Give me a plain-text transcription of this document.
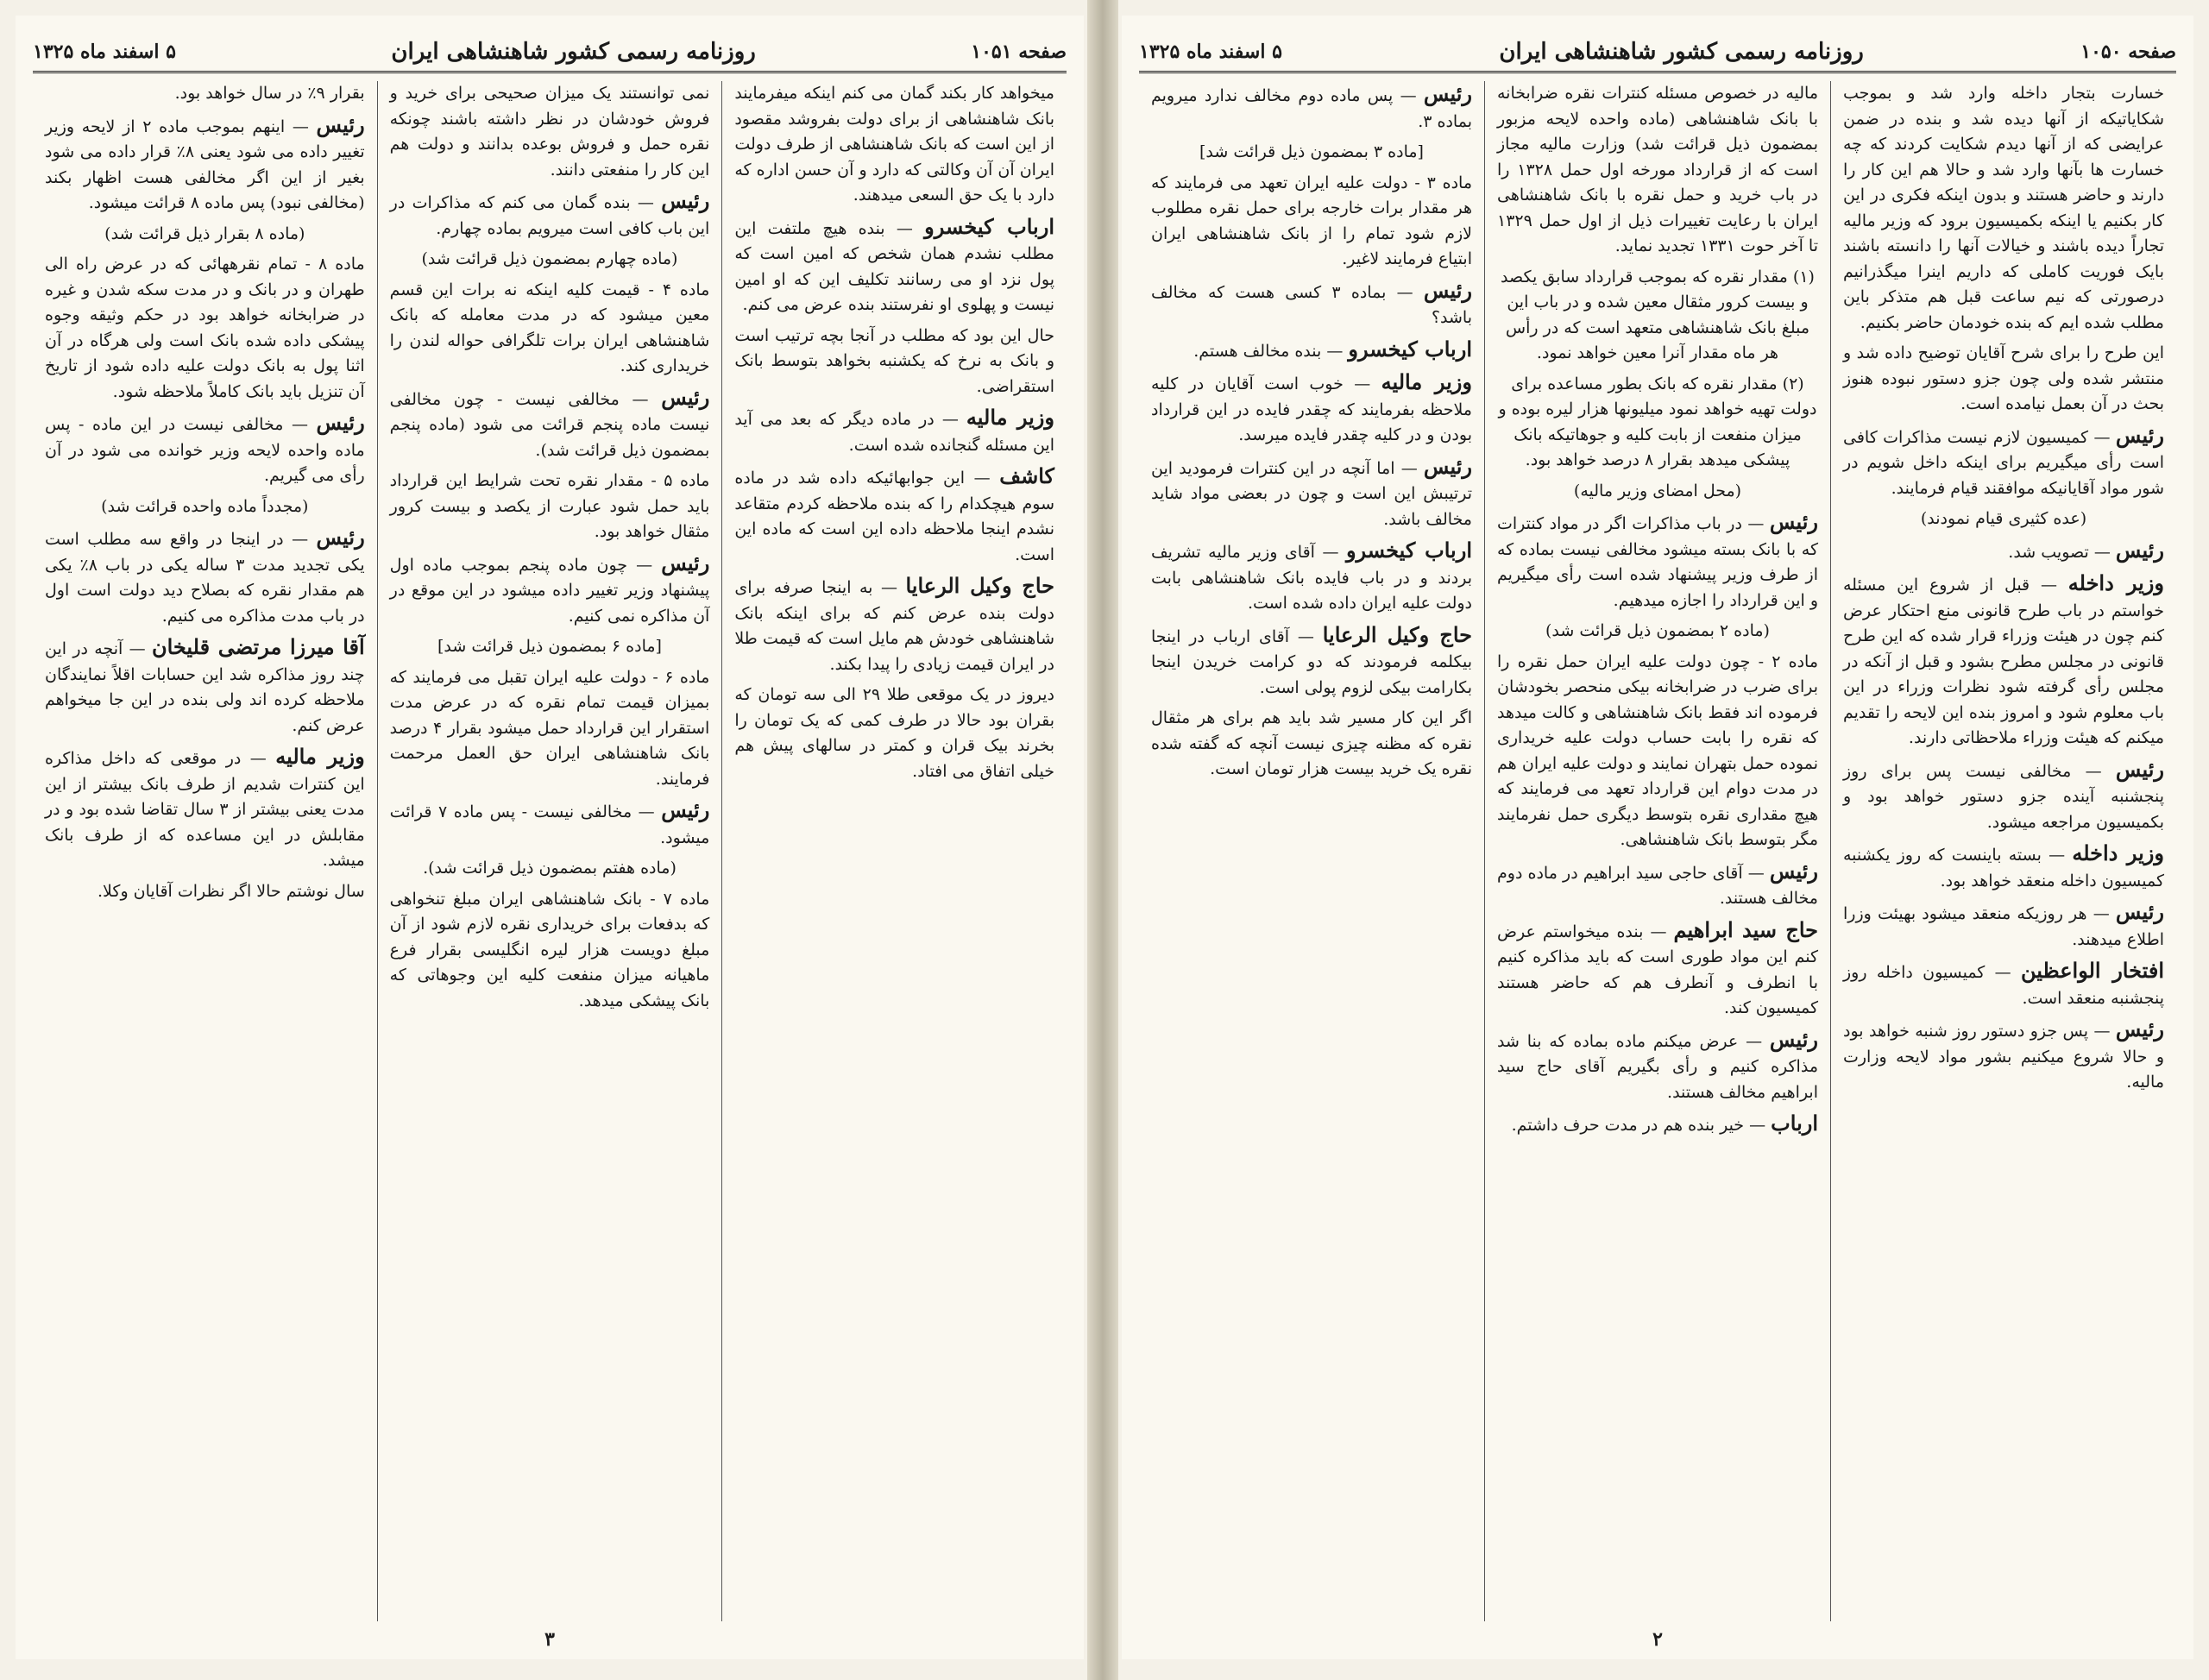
صفحه ۱۰۵۱
روزنامه رسمی کشور شاهنشاهی ایران
۵ اسفند ماه ۱۳۲۵

میخواهد کار بکند گمان می کنم اینکه میفرمایند بانک شاهنشاهی از برای دولت بفروشد مقصود از این است که بانک شاهنشاهی از طرف دولت ایران آن آن وکالتی که دارد و آن حسن اداره که دارد با یک حق السعی میدهند.

ارباب کیخسرو — بنده هیچ ملتفت این مطلب نشدم همان شخص که امین است که پول نزد او می رسانند تکلیف این که او امین نیست و پهلوی او نفرستند بنده عرض می کنم.

حال این بود که مطلب در آنجا بچه ترتیب است و بانک به نرخ که یکشنبه بخواهد بتوسط بانک استقراضی.

وزیر مالیه — در ماده دیگر که بعد می آید این مسئله گنجانده شده است.

کاشف — این جوابهائیکه داده شد در ماده سوم هیچکدام را که بنده ملاحظه کردم متقاعد نشدم اینجا ملاحظه داده این است که ماده این است.

حاج وکیل الرعایا — به اینجا صرفه برای دولت بنده عرض کنم که برای اینکه بانک شاهنشاهی خودش هم مایل است که قیمت طلا در ایران قیمت زیادی را پیدا بکند.

دیروز در یک موقعی طلا ۲۹ الی سه تومان که بقران بود حالا در طرف کمی که یک تومان را بخرند بیک قران و کمتر در سالهای پیش هم خیلی اتفاق می افتاد.

نمی توانستند یک میزان صحیحی برای خرید و فروش خودشان در نظر داشته باشند چونکه نقره حمل و فروش بوعده بدانند و دولت هم این کار را منفعتی دانند.

رئیس — بنده گمان می کنم که مذاکرات در این باب کافی است میرویم بماده چهارم.

(ماده چهارم بمضمون ذیل قرائت شد)

ماده ۴ - قیمت کلیه اینکه نه برات این قسم معین میشود که در مدت معامله که بانک شاهنشاهی ایران برات تلگرافی حواله لندن را خریداری کند.

رئیس — مخالفی نیست - چون مخالفی نیست ماده پنجم قرائت می شود (ماده پنجم بمضمون ذیل قرائت شد).

ماده ۵ - مقدار نقره تحت شرایط این قرارداد باید حمل شود عبارت از یکصد و بیست کرور مثقال خواهد بود.

رئیس — چون ماده پنجم بموجب ماده اول پیشنهاد وزیر تغییر داده میشود در این موقع در آن مذاکره نمی کنیم.

[ماده ۶ بمضمون ذیل قرائت شد]

ماده ۶ - دولت علیه ایران تقبل می فرمایند که بمیزان قیمت تمام نقره که در عرض مدت استقرار این قرارداد حمل میشود بقرار ۴ درصد بانک شاهنشاهی ایران حق العمل مرحمت فرمایند.

رئیس — مخالفی نیست - پس ماده ۷ قرائت میشود.

(ماده هفتم بمضمون ذیل قرائت شد).

ماده ۷ - بانک شاهنشاهی ایران مبلغ تنخواهی که بدفعات برای خریداری نقره لازم شود از آن مبلغ دویست هزار لیره انگلیسی بقرار فرع ماهیانه میزان منفعت کلیه این وجوهاتی که بانک پیشکی میدهد.

بقرار ۹٪ در سال خواهد بود.

رئیس — اینهم بموجب ماده ۲ از لایحه وزیر تغییر داده می شود یعنی ۸٪ قرار داده می شود بغیر از این اگر مخالفی هست اظهار بکند (مخالفی نبود) پس ماده ۸ قرائت میشود.

(ماده ۸ بقرار ذیل قرائت شد)

ماده ۸ - تمام نقرههائی که در عرض راه الی طهران و در بانک و در مدت سکه شدن و غیره در ضرابخانه خواهد بود در حکم وثیقه وجوه پیشکی داده شده بانک است ولی هرگاه در آن اثنا پول به بانک دولت علیه داده شود از تاریخ آن تنزیل باید بانک کاملاً ملاحظه شود.

رئیس — مخالفی نیست در این ماده - پس ماده واحده لایحه وزیر خوانده می شود در آن رأی می گیریم.

(مجدداً ماده واحده قرائت شد)

رئیس — در اینجا در واقع سه مطلب است یکی تجدید مدت ۳ ساله یکی در باب ۸٪ یکی هم مقدار نقره که بصلاح دید دولت است اول در باب مدت مذاکره می کنیم.

آقا میرزا مرتضی قلیخان — آنچه در این چند روز مذاکره شد این حسابات اقلاً نمایندگان ملاحظه کرده اند ولی بنده در این جا میخواهم عرض کنم.

وزیر مالیه — در موقعی که داخل مذاکره این کنترات شدیم از طرف بانک بیشتر از این مدت یعنی بیشتر از ۳ سال تقاضا شده بود و در مقابلش در این مساعده که از طرف بانک میشد.

سال نوشتم حالا اگر نظرات آقایان وکلا.

۳
صفحه ۱۰۵۰
روزنامه رسمی کشور شاهنشاهی ایران
۵ اسفند ماه ۱۳۲۵

خسارت بتجار داخله وارد شد و بموجب شکایاتیکه از آنها دیده شد و بنده در ضمن عرایضی که از آنها دیدم شکایت کردند که چه خسارت ها بآنها وارد شد و حالا هم این کار را دارند و حاضر هستند و بدون اینکه فکری در این کار بکنیم یا اینکه بکمیسیون برود که وزیر مالیه تجاراً دیده باشند و خیالات آنها را دانسته باشند بایک فوریت کاملی که داریم اینرا میگذرانیم درصورتی که نیم ساعت قبل هم متذکر باین مطلب شده ایم که بنده خودمان حاضر بکنیم.

این طرح را برای شرح آقایان توضیح داده شد و منتشر شده ولی چون جزو دستور نبوده هنوز بحث در آن بعمل نیامده است.

رئیس — کمیسیون لازم نیست مذاکرات کافی است رأی میگیریم برای اینکه داخل شویم در شور مواد آقایانیکه موافقند قیام فرمایند.

(عده کثیری قیام نمودند)

رئیس — تصویب شد.

وزیر داخله — قبل از شروع این مسئله خواستم در باب طرح قانونی منع احتکار عرض کنم چون در هیئت وزراء قرار شده که این طرح قانونی در مجلس مطرح بشود و قبل از آنکه در مجلس رأی گرفته شود نظرات وزراء در این باب معلوم شود و امروز بنده این لایحه را تقدیم میکنم که هیئت وزراء ملاحظاتی دارند.

رئیس — مخالفی نیست پس برای روز پنجشنبه آینده جزو دستور خواهد بود و بکمیسیون مراجعه میشود.

وزیر داخله — بسته باینست که روز یکشنبه کمیسیون داخله منعقد خواهد بود.

رئیس — هر روزیکه منعقد میشود بهیئت وزرا اطلاع میدهند.

افتخار الواعظین — کمیسیون داخله روز پنجشنبه منعقد است.

رئیس — پس جزو دستور روز شنبه خواهد بود و حالا شروع میکنیم بشور مواد لایحه وزارت مالیه.

مالیه در خصوص مسئله کنترات نقره ضرابخانه با بانک شاهنشاهی (ماده واحده لایحه مزبور بمضمون ذیل قرائت شد) وزارت مالیه مجاز است که از قرارداد مورخه اول حمل ۱۳۲۸ را در باب خرید و حمل نقره با بانک شاهنشاهی ایران با رعایت تغییرات ذیل از اول حمل ۱۳۲۹ تا آخر حوت ۱۳۳۱ تجدید نماید.

(۱) مقدار نقره که بموجب قرارداد سابق یکصد و بیست کرور مثقال معین شده و در باب این مبلغ بانک شاهنشاهی متعهد است که در رأس هر ماه مقدار آنرا معین خواهد نمود.

(۲) مقدار نقره که بانک بطور مساعده برای دولت تهیه خواهد نمود میلیونها هزار لیره بوده و میزان منفعت از بابت کلیه و جوهاتیکه بانک پیشکی میدهد بقرار ۸ درصد خواهد بود.

(محل امضای وزیر مالیه)

رئیس — در باب مذاکرات اگر در مواد کنترات که با بانک بسته میشود مخالفی نیست بماده که از طرف وزیر پیشنهاد شده است رأی میگیریم و این قرارداد را اجازه میدهیم.

(ماده ۲ بمضمون ذیل قرائت شد)

ماده ۲ - چون دولت علیه ایران حمل نقره را برای ضرب در ضرابخانه بیکی منحصر بخودشان فرموده اند فقط بانک شاهنشاهی و کالت میدهد که نقره را بابت حساب دولت علیه خریداری نموده حمل بتهران نمایند و دولت علیه ایران هم در مدت دوام این قرارداد تعهد می فرمایند که هیچ مقداری نقره بتوسط دیگری حمل نفرمایند مگر بتوسط بانک شاهنشاهی.

رئیس — آقای حاجی سید ابراهیم در ماده دوم مخالف هستند.

حاج سید ابراهیم — بنده میخواستم عرض کنم این مواد طوری است که باید مذاکره کنیم با انطرف و آنطرف هم که حاضر هستند کمیسیون کند.

رئیس — عرض میکنم ماده بماده که بنا شد مذاکره کنیم و رأی بگیریم آقای حاج سید ابراهیم مخالف هستند.

ارباب — خیر بنده هم در مدت حرف داشتم.

رئیس — پس ماده دوم مخالف ندارد میرویم بماده ۳.

[ماده ۳ بمضمون ذیل قرائت شد]

ماده ۳ - دولت علیه ایران تعهد می فرمایند که هر مقدار برات خارجه برای حمل نقره مطلوب لازم شود تمام را از بانک شاهنشاهی ایران ابتیاع فرمایند لاغیر.

رئیس — بماده ۳ کسی هست که مخالف باشد؟

ارباب کیخسرو — بنده مخالف هستم.

وزیر مالیه — خوب است آقایان در کلیه ملاحظه بفرمایند که چقدر فایده در این قرارداد بودن و در کلیه چقدر فایده میرسد.

رئیس — اما آنچه در این کنترات فرمودید این ترتیبش این است و چون در بعضی مواد شاید مخالف باشد.

ارباب کیخسرو — آقای وزیر مالیه تشریف بردند و در باب فایده بانک شاهنشاهی بابت دولت علیه ایران داده شده است.

حاج وکیل الرعایا — آقای ارباب در اینجا بیکلمه فرمودند که دو کرامت خریدن اینجا بکارامت بیکی لزوم پولی است.

اگر این کار مسیر شد باید هم برای هر مثقال نقره که مظنه چیزی نیست آنچه که گفته شده نقره یک خرید بیست هزار تومان است.

۲
